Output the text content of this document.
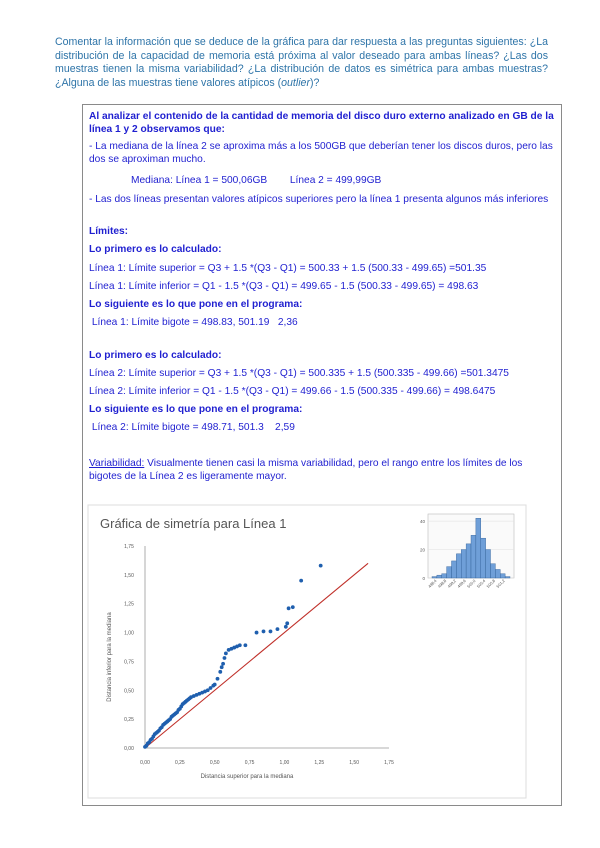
Comentar la información que se deduce de la gráfica para dar respuesta a las preguntas siguientes: ¿La distribución de la capacidad de memoria está próxima al valor deseado para ambas líneas? ¿Las dos muestras tienen la misma variabilidad? ¿La distribución de datos es simétrica para ambas muestras? ¿Alguna de las muestras tiene valores atípicos (outlier)?
Al analizar el contenido de la cantidad de memoria del disco duro externo analizado en GB de la línea 1 y 2 observamos que:
- La mediana de la línea 2 se aproxima más a los 500GB que deberían tener los discos duros, pero las dos se aproximan mucho.
Mediana: Línea 1 = 500,06GB        Línea 2 = 499,99GB
- Las dos líneas presentan valores atípicos superiores pero la línea 1 presenta algunos más inferiores
Límites:
Lo primero es lo calculado:
Línea 1: Límite superior = Q3 + 1.5 *(Q3 - Q1) = 500.33 + 1.5 (500.33 - 499.65) =501.35
Línea 1: Límite inferior = Q1 - 1.5 *(Q3 - Q1) = 499.65 - 1.5 (500.33 - 499.65) = 498.63
Lo siguiente es lo que pone en el programa:
Línea 1: Límite bigote = 498.83, 501.19   2,36
Lo primero es lo calculado:
Línea 2: Límite superior = Q3 + 1.5 *(Q3 - Q1) = 500.335 + 1.5 (500.335 - 499.66) =501.3475
Línea 2: Límite inferior = Q1 - 1.5 *(Q3 - Q1) = 499.66 - 1.5 (500.335 - 499.66) = 498.6475
Lo siguiente es lo que pone en el programa:
Línea 2: Límite bigote = 498.71, 501.3    2,59
Variabilidad: Visualmente tienen casi la misma variabilidad, pero el rango entre los límites de los bigotes de la Línea 2 es ligeramente mayor.
Gráfica de simetría para Línea 1
0,00	0,25	0,50	0,75	1,00	1,25	1,50	1,75
0,00
0,25
0,50
0,75
1,00
1,25
1,50
1,75
Distancia superior para la mediana
Distancia inferior para la mediana
0
20
40
498,4 498,8 499,2 499,6 500,0 500,4 500,8 501,2
